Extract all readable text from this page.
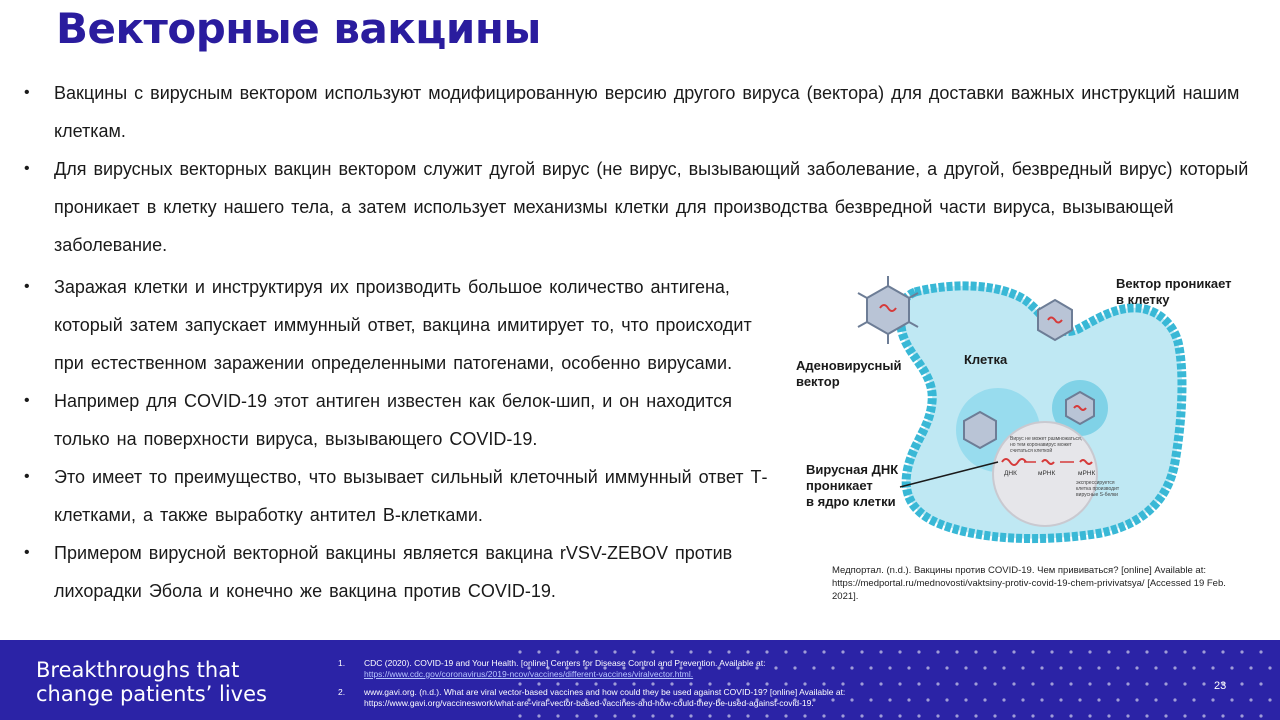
Векторные вакцины
• Вакцины с вирусным вектором используют модифицированную версию другого вируса (вектора) для доставки важных инструкций нашим клеткам.
• Для вирусных векторных вакцин вектором служит дугой вирус (не вирус, вызывающий заболевание, а другой, безвредный вирус) который проникает в клетку нашего тела, а затем использует механизмы клетки для производства безвредной части вируса, вызывающей заболевание.
• Заражая клетки и инструктируя их производить большое количество антигена, который затем запускает иммунный ответ, вакцина имитирует то, что происходит при естественном заражении определенными патогенами, особенно вирусами.
• Например для COVID-19 этот антиген известен как белок-шип, и он находится только на поверхности вируса, вызывающего COVID-19.
• Это имеет то преимущество, что вызывает сильный клеточный иммунный ответ Т-клетками, а также выработку антител В-клетками.
• Примером вирусной векторной вакцины является вакцина rVSV-ZEBOV против лихорадки Эбола и конечно же вакцина против COVID-19.
Вектор проникает
в клетку
Аденовирусный
вектор
Клетка
Вирусная ДНК
проникает
в ядро клетки
Вирус не может размножаться,
но тем коронавирус может
считаться клеткой
ДНК	мРНК	мРНК
экспрессируется
клетка производит
вирусные S-белки
Медпортал. (n.d.). Вакцины против COVID-19. Чем прививаться? [online] Available at: https://medportal.ru/mednovosti/vaktsiny-protiv-covid-19-chem-privivatsya/ [Accessed 19 Feb. 2021].
Breakthroughs that
change patients’ lives
1. CDC (2020). COVID-19 and Your Health. [online] Centers for Disease Control and Prevention. Available at:
https://www.cdc.gov/coronavirus/2019-ncov/vaccines/different-vaccines/viralvector.html.
2. www.gavi.org. (n.d.). What are viral vector-based vaccines and how could they be used against COVID-19? [online] Available at:
https://www.gavi.org/vaccineswork/what-are-viral-vector-based-vaccines-and-how-could-they-be-used-against-covid-19.
23
